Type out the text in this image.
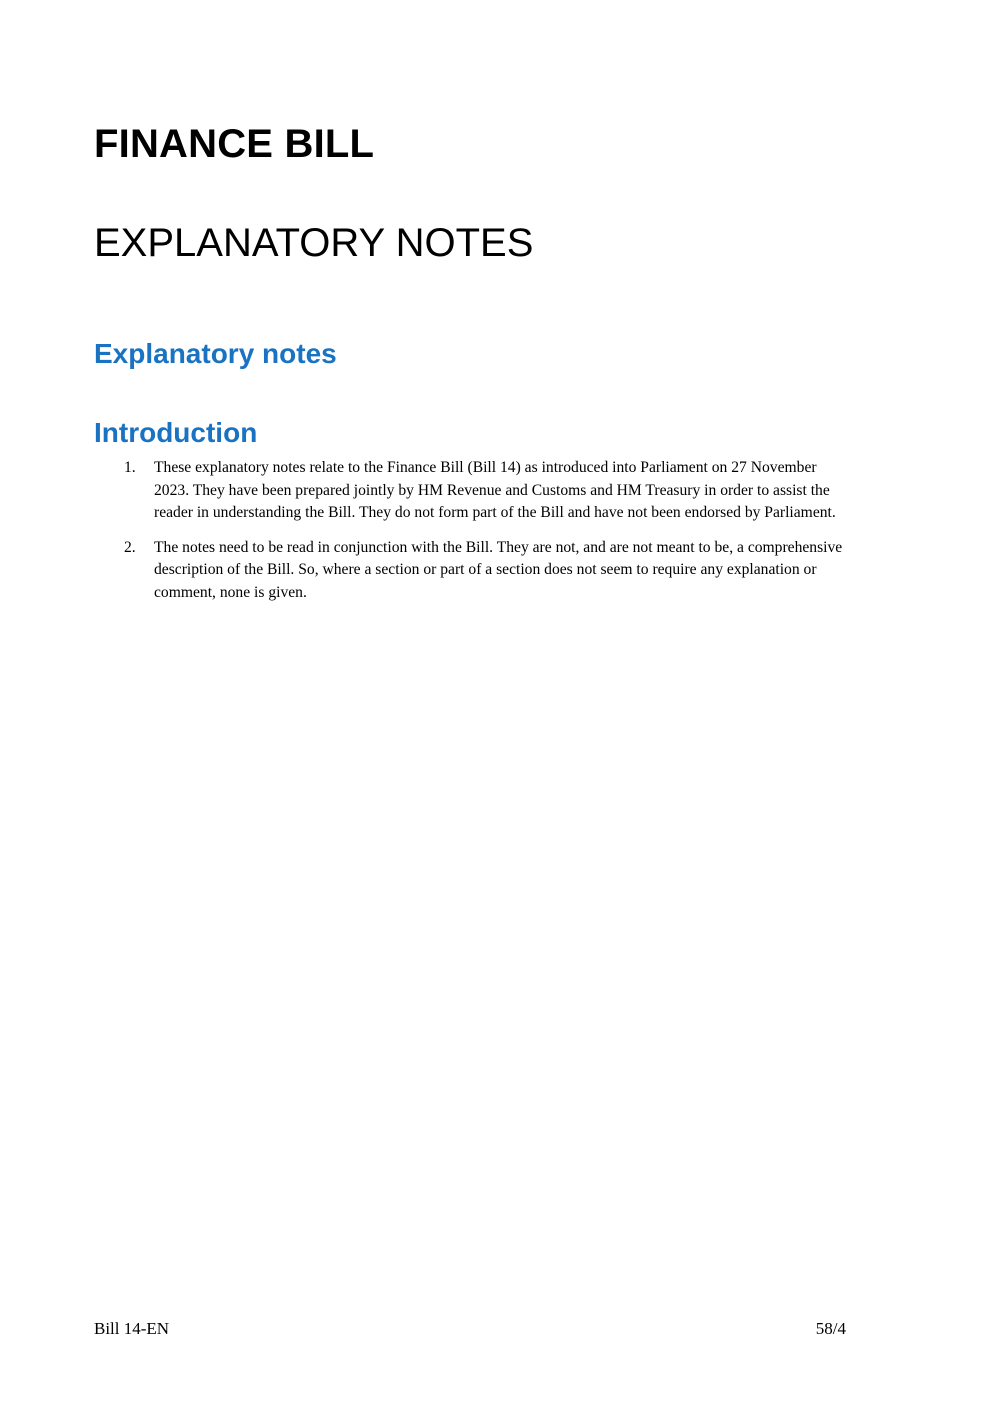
FINANCE BILL
EXPLANATORY NOTES
Explanatory notes
Introduction
1.	These explanatory notes relate to the Finance Bill (Bill 14) as introduced into Parliament on 27 November 2023. They have been prepared jointly by HM Revenue and Customs and HM Treasury in order to assist the reader in understanding the Bill. They do not form part of the Bill and have not been endorsed by Parliament.
2.	The notes need to be read in conjunction with the Bill. They are not, and are not meant to be, a comprehensive description of the Bill. So, where a section or part of a section does not seem to require any explanation or comment, none is given.
Bill 14-EN	58/4
